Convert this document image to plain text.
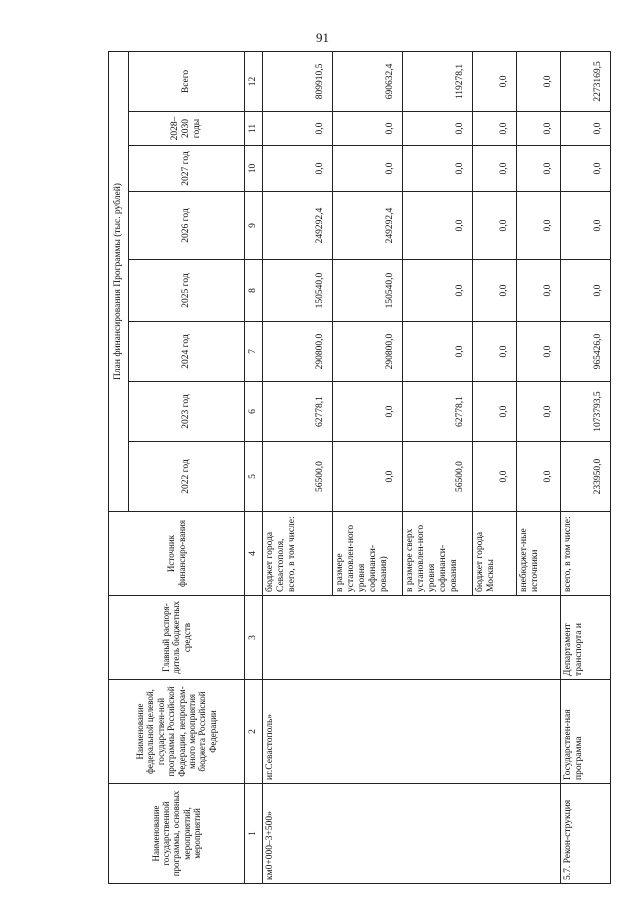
91
Наименование государственной программы, основных мероприятий, мероприятий	Наименование федеральной целевой, государствен-ной программы Российской Федерации, непрограм-много мероприятия бюджета Российской Федерации	Главный распоря-дитель бюджетных средств	Источник финансиро-вания	План финансирования Программы (тыс. рублей)							
				2022 год	2023 год	2024 год	2025 год	2026 год	2027 год	2028–2030 годы	Всего
1	2	3	4	5	6	7	8	9	10	11	12
км0+000–3+500»	иг.Севастополь»		бюджет города Севастополя, всего, в том числе:	56500,0	62778,1	290800,0	150540,0	249292,4	0,0	0,0	809910,5
			в размере установлен-ного уровня софинанси-рования)	0,0	0,0	290800,0	150540,0	249292,4	0,0	0,0	690632,4
			в размере сверх установлен-ного уровня софинанси-рования	56500,0	62778,1	0,0	0,0	0,0	0,0	0,0	119278,1
			бюджет города Москвы	0,0	0,0	0,0	0,0	0,0	0,0	0,0	0,0
			внебюджет-ные источники	0,0	0,0	0,0	0,0	0,0	0,0	0,0	0,0
5.7. Рекон-струкция	Государствен-ная программа	Департамент транспорта и	всего, в том числе:	233950,0	1073793,5	965426,0	0,0	0,0	0,0	0,0	2273169,5
